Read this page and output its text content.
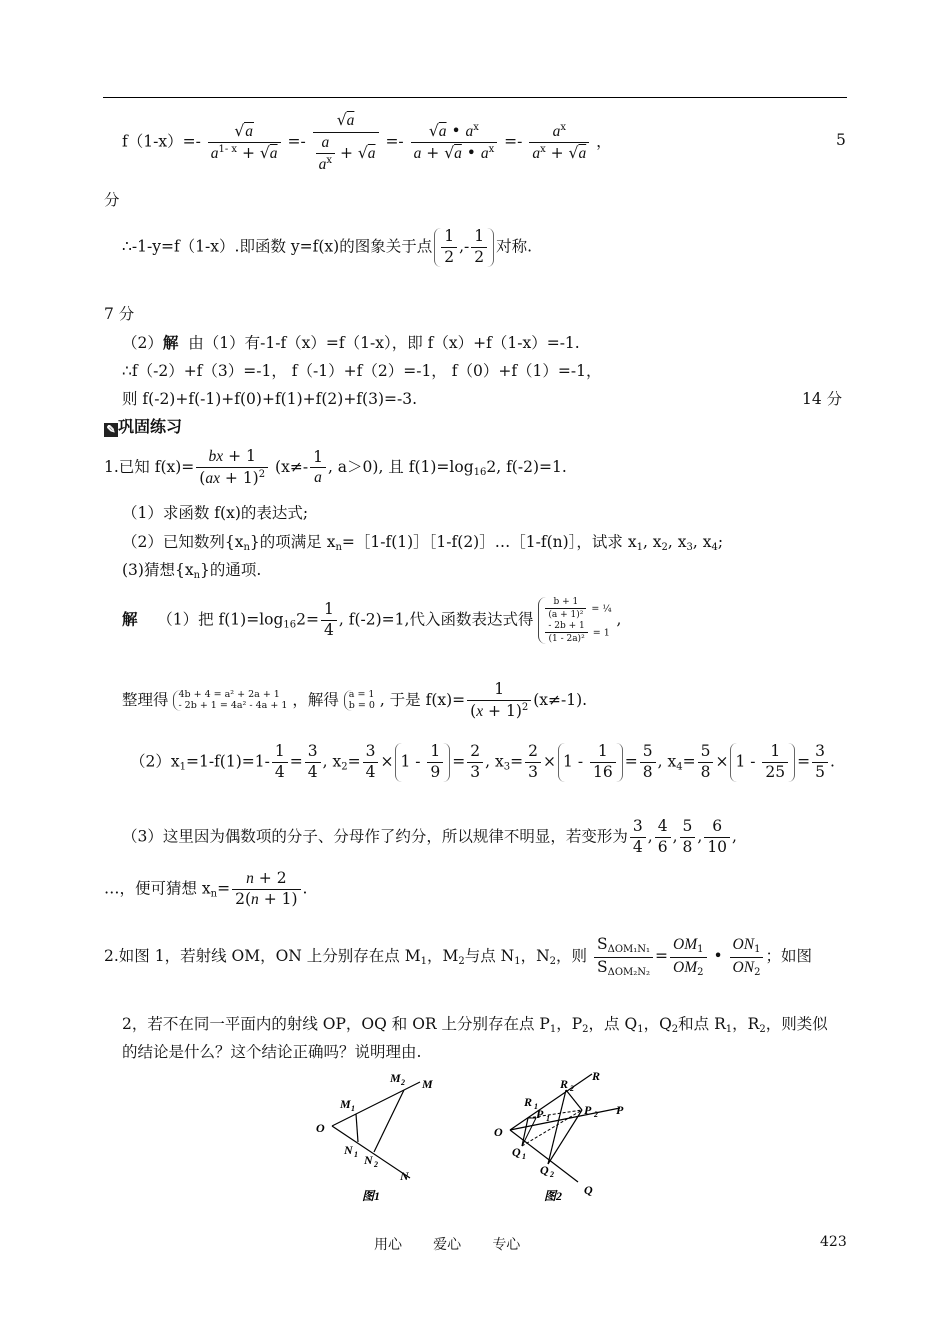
$f(1-x)=- \frac{√a}{a^{1- x} + √a} =- \frac{√a}{\frac{a}{a^x} + √a} =- \frac{√a • a^x}{a + √a • a^x} =- \frac{a^x}{a^x + √a}$ ，	5
分
∴-1-y=f（1-x）.即函数 y=f(x)的图象关于点 $\frac{1}{2}$ ,- $\frac{1}{2}$ 对称.
7 分
（2）解 由（1）有-1-f（x）=f（1-x），即 f（x）+f（1-x）=-1.
∴f（-2）+f（3）=-1， f（-1）+f（2）=-1， f（0）+f（1）=-1，
则 f(-2)+f(-1)+f(0)+f(1)+f(2)+f(3)=-3.	14 分
✎ 巩固练习
1.已知 $f(x)= \frac{bx + 1}{(ax + 1)^2} (x\ne- \frac{1}{a}$ , a＞0), 且 $f(1)=\log_{16}2$, f(-2)=1.
（1）求函数 f(x)的表达式;
（2）已知数列$\{x_n\}$的项满足 $x_n=[1-f(1)][1-f(2)]\dots[1-f(n)]$，试求 $x_1$, $x_2$, $x_3$, $x_4$;
(3)猜想$\{x_n\}$的通项.
解 （1）把 $f(1)=\log_{16}2= \frac{1}{4}$ , f(-2)=1,代入函数表达式得 $\frac{b + 1}{\text{(a + 1)²}}$ = ¼

$\frac{- 2b + 1}{\text{(1 - 2a)²}} = 1$ ,
整理得 4b + 4 = a² + 2a + 1
- 2b + 1 = 4a² - 4a + 1 ，解得 a = 1
b = 0 , 于是 $f(x)= \frac{1}{(x + 1)^2} (x\ne-1)$.
$(2)x_1=1-f(1)=1- \frac{1}{4} = \frac{3}{4}$ , $x_2= \frac{3}{4} \times 1 - \frac{1}{9} = \frac{2}{3}$ , $x_3= \frac{2}{3} \times 1 - \frac{1}{16} = \frac{5}{8}$ , $x_4= \frac{5}{8} \times 1 - \frac{1}{25} = \frac{3}{5}$ .
（3）这里因为偶数项的分子、分母作了约分，所以规律不明显，若变形为 $\frac{3}{4}$ , $\frac{4}{6}$ , $\frac{5}{8}$ , $\frac{6}{10}$ ,
…，便可猜想 $x_n= \frac{n + 2}{2(n + 1)}$ .
2.如图 1，若射线 OM，ON 上分别存在点 $M_1$，$M_2$与点 $N_1$，$N_2$，则 $\frac{S_{\Delta OM_1N_1}}{S_{\Delta OM_2N_2}} = \frac{OM_1}{OM_2}$ • $\frac{ON_1}{ON_2}$ ；如图
2，若不在同一平面内的射线 OP，OQ 和 OR 上分别存在点 $P_1$，$P_2$，点 $Q_1$，$Q_2$和点 $R_1$，$R_2$，则类似
的结论是什么？这个结论正确吗？说明理由.
O
M 1
M 2 M
N 1 N 2
N
图1
O
R 1
R 2
R
P 1
P 2 P
Q 1
Q 2
Q
图2
用心 爱心 专心	423
